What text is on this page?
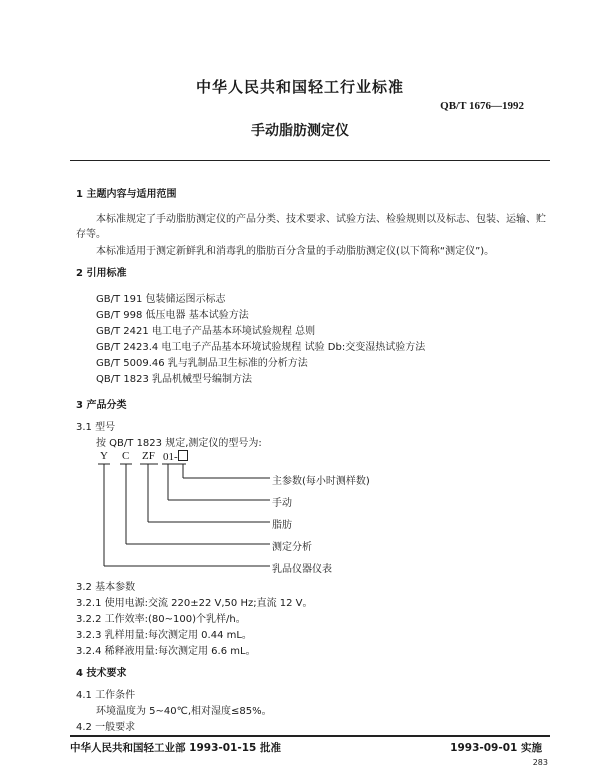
中华人民共和国轻工行业标准
QB/T 1676—1992
手动脂肪测定仪
1 主题内容与适用范围
本标准规定了手动脂肪测定仪的产品分类、技术要求、试验方法、检验规则以及标志、包装、运输、贮
存等。
本标准适用于测定新鲜乳和消毒乳的脂肪百分含量的手动脂肪测定仪(以下简称“测定仪”)。
2 引用标准
GB/T 191 包装储运图示标志
GB/T 998 低压电器 基本试验方法
GB/T 2421 电工电子产品基本环境试验规程 总则
GB/T 2423.4 电工电子产品基本环境试验规程 试验 Db:交变湿热试验方法
GB/T 5009.46 乳与乳制品卫生标准的分析方法
QB/T 1823 乳品机械型号编制方法
3 产品分类
3.1 型号
按 QB/T 1823 规定,测定仪的型号为:
Y C ZF 01-
主参数(每小时测样数)
手动
脂肪
测定分析
乳品仪器仪表
3.2 基本参数
3.2.1 使用电源:交流 220±22 V,50 Hz;直流 12 V。
3.2.2 工作效率:(80~100)个乳样/h。
3.2.3 乳样用量:每次测定用 0.44 mL。
3.2.4 稀释液用量:每次测定用 6.6 mL。
4 技术要求
4.1 工作条件
环境温度为 5~40℃,相对湿度≤85%。
4.2 一般要求
中华人民共和国轻工业部 1993-01-15 批准	1993-09-01 实施
283
